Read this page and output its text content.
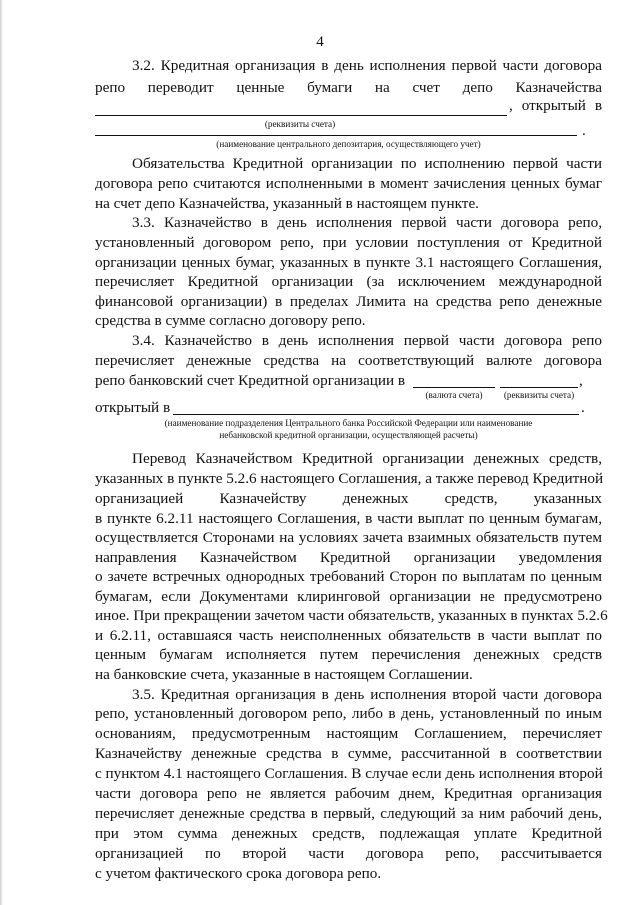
4
3.2. Кредитная организация в день исполнения первой части договора
репо переводит ценные бумаги на счет депо Казначейства
, открытый в
(реквизиты счета)	.
(наименование центрального депозитария, осуществляющего учет)
Обязательства Кредитной организации по исполнению первой части
договора репо считаются исполненными в момент зачисления ценных бумаг
на счет депо Казначейства, указанный в настоящем пункте.
3.3. Казначейство в день исполнения первой части договора репо,
установленный договором репо, при условии поступления от Кредитной
организации ценных бумаг, указанных в пункте 3.1 настоящего Соглашения,
перечисляет Кредитной организации (за исключением международной
финансовой организации) в пределах Лимита на средства репо денежные
средства в сумме согласно договору репо.
3.4. Казначейство в день исполнения первой части договора репо
перечисляет денежные средства на соответствующий валюте договора
репо банковский счет Кредитной организации в	,
(валюта счета)	(реквизиты счета)
открытый в	.
(наименование подразделения Центрального банка Российской Федерации или наименование
небанковской кредитной организации, осуществляющей расчеты)
Перевод Казначейством Кредитной организации денежных средств,
указанных в пункте 5.2.6 настоящего Соглашения, а также перевод Кредитной
организацией Казначейству денежных средств, указанных
в пункте 6.2.11 настоящего Соглашения, в части выплат по ценным бумагам,
осуществляется Сторонами на условиях зачета взаимных обязательств путем
направления Казначейством Кредитной организации уведомления
о зачете встречных однородных требований Сторон по выплатам по ценным
бумагам, если Документами клиринговой организации не предусмотрено
иное. При прекращении зачетом части обязательств, указанных в пунктах 5.2.6
и 6.2.11, оставшаяся часть неисполненных обязательств в части выплат по
ценным бумагам исполняется путем перечисления денежных средств
на банковские счета, указанные в настоящем Соглашении.
3.5. Кредитная организация в день исполнения второй части договора
репо, установленный договором репо, либо в день, установленный по иным
основаниям, предусмотренным настоящим Соглашением, перечисляет
Казначейству денежные средства в сумме, рассчитанной в соответствии
с пунктом 4.1 настоящего Соглашения. В случае если день исполнения второй
части договора репо не является рабочим днем, Кредитная организация
перечисляет денежные средства в первый, следующий за ним рабочий день,
при этом сумма денежных средств, подлежащая уплате Кредитной
организацией по второй части договора репо, рассчитывается
с учетом фактического срока договора репо.
